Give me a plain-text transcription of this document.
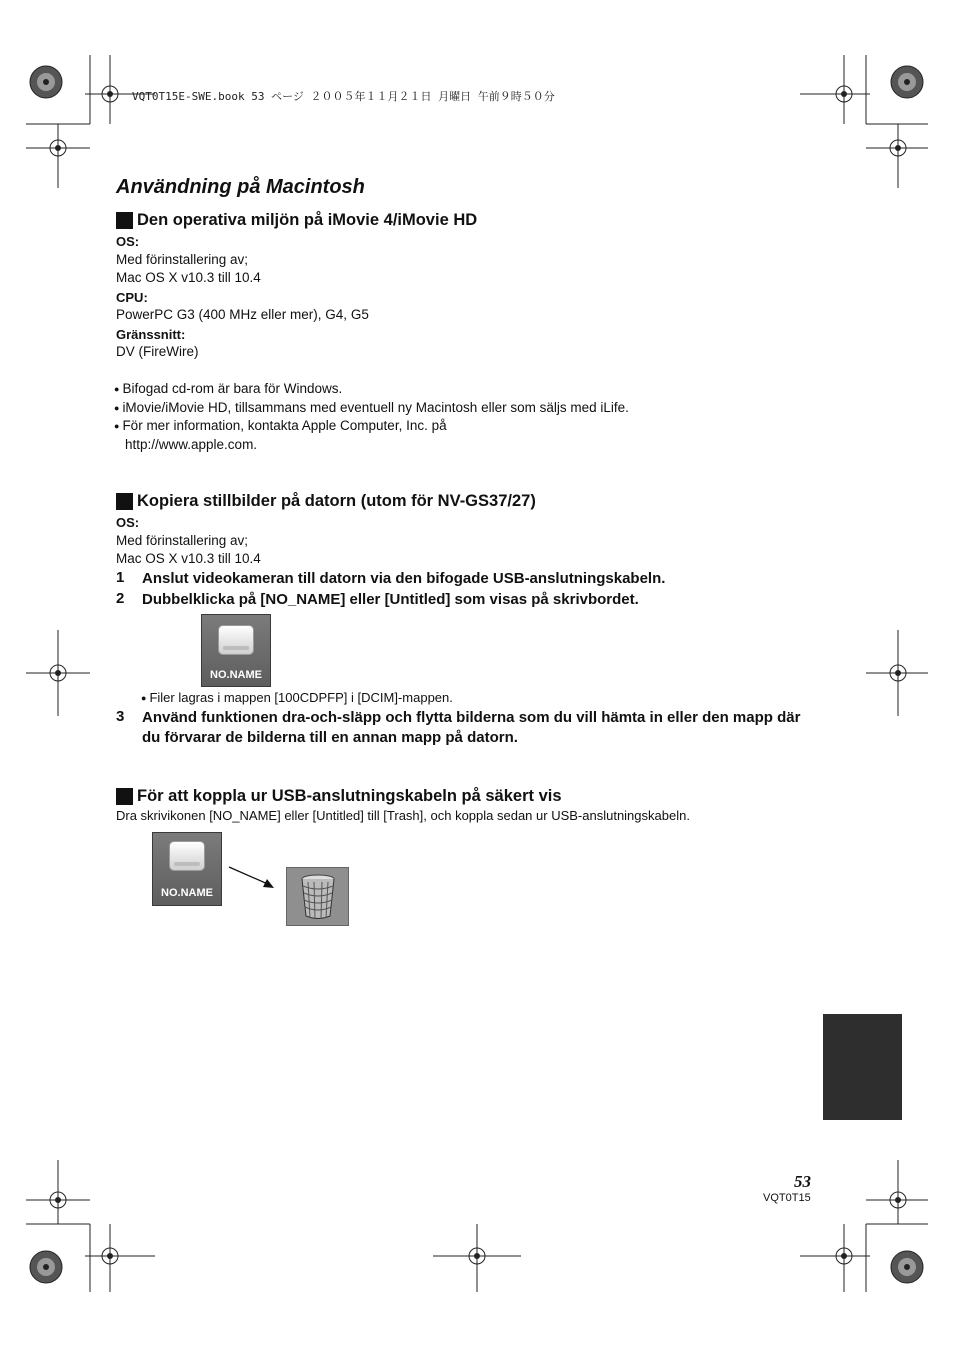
VQT0T15E-SWE.book 53 ページ ２００５年１１月２１日 月曜日 午前９時５０分
Användning på Macintosh
Den operativa miljön på iMovie 4/iMovie HD
OS:
Med förinstallering av;
Mac OS X v10.3 till 10.4
CPU:
PowerPC G3 (400 MHz eller mer), G4, G5
Gränssnitt:
DV (FireWire)
● Bifogad cd-rom är bara för Windows.
● iMovie/iMovie HD, tillsammans med eventuell ny Macintosh eller som säljs med iLife.
● För mer information, kontakta Apple Computer, Inc. på
http://www.apple.com.
Kopiera stillbilder på datorn (utom för NV-GS37/27)
OS:
Med förinstallering av;
Mac OS X v10.3 till 10.4
1	Anslut videokameran till datorn via den bifogade USB-anslutningskabeln.
2	Dubbelklicka på [NO_NAME] eller [Untitled] som visas på skrivbordet.
NO.NAME
● Filer lagras i mappen [100CDPFP] i [DCIM]-mappen.
3	Använd funktionen dra-och-släpp och flytta bilderna som du vill hämta in eller den mapp där du förvarar de bilderna till en annan mapp på datorn.
För att koppla ur USB-anslutningskabeln på säkert vis
Dra skrivikonen [NO_NAME] eller [Untitled] till [Trash], och koppla sedan ur USB-anslutningskabeln.
NO.NAME
53
VQT0T15
